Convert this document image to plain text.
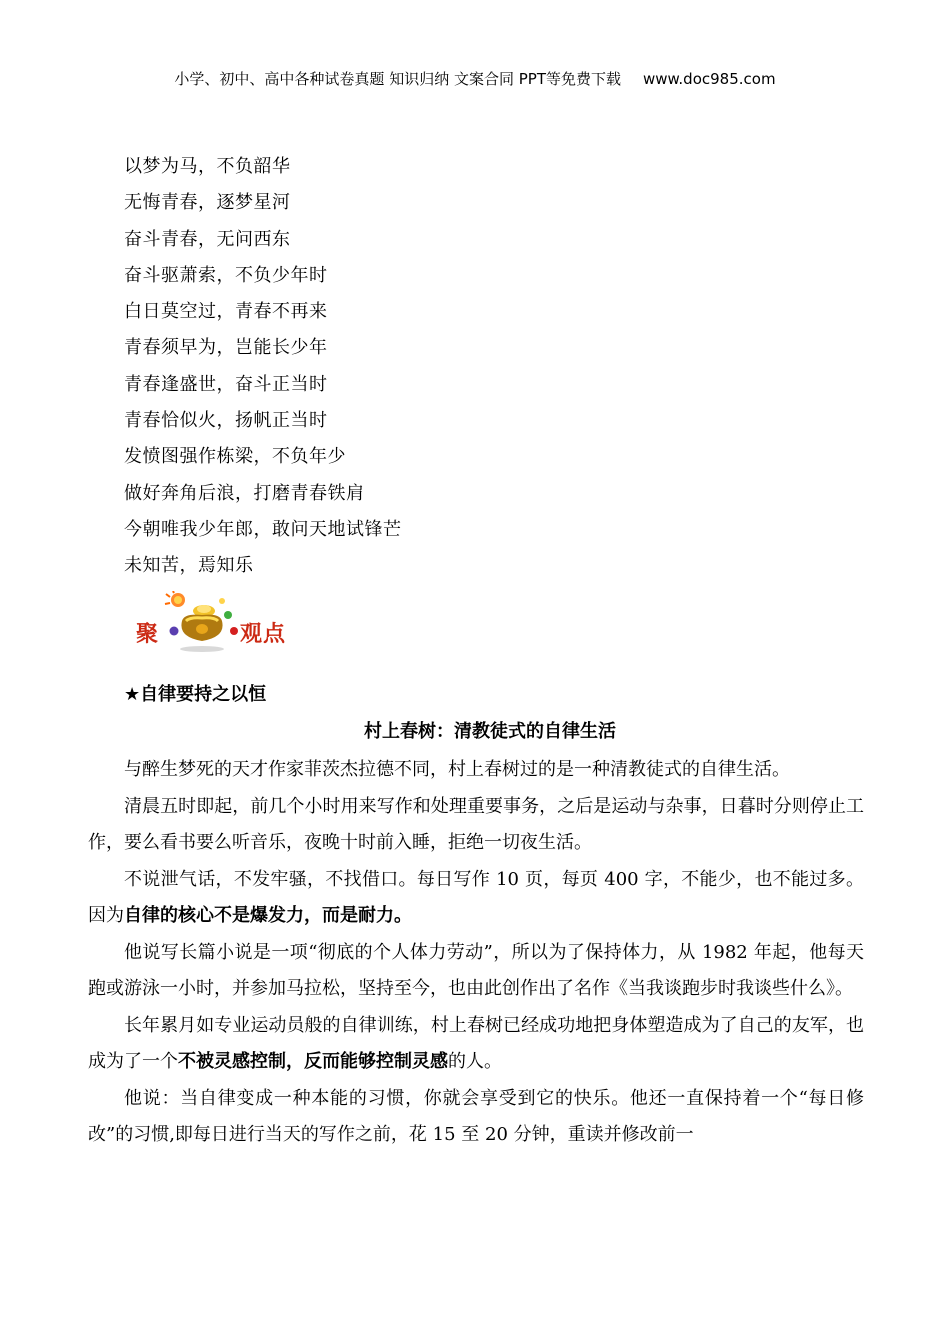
小学、初中、高中各种试卷真题 知识归纳 文案合同 PPT等免费下载 www.doc985.com
以梦为马，不负韶华
无悔青春，逐梦星河
奋斗青春，无问西东
奋斗驱萧索，不负少年时
白日莫空过，青春不再来
青春须早为，岂能长少年
青春逢盛世，奋斗正当时
青春恰似火，扬帆正当时
发愤图强作栋梁，不负年少
做好奔角后浪，打磨青春铁肩
今朝唯我少年郎，敢问天地试锋芒
未知苦，焉知乐
聚	观点
★自律要持之以恒
村上春树：清教徒式的自律生活

与醉生梦死的天才作家菲茨杰拉德不同，村上春树过的是一种清教徒式的自律生活。

清晨五时即起，前几个小时用来写作和处理重要事务，之后是运动与杂事，日暮时分则停止工作，要么看书要么听音乐，夜晚十时前入睡，拒绝一切夜生活。

不说泄气话，不发牢骚，不找借口。每日写作 10 页，每页 400 字，不能少，也不能过多。因为自律的核心不是爆发力，而是耐力。

他说写长篇小说是一项“彻底的个人体力劳动”，所以为了保持体力，从 1982 年起，他每天跑或游泳一小时，并参加马拉松，坚持至今，也由此创作出了名作《当我谈跑步时我谈些什么》。

长年累月如专业运动员般的自律训练，村上春树已经成功地把身体塑造成为了自己的友军，也成为了一个不被灵感控制，反而能够控制灵感的人。

他说：当自律变成一种本能的习惯，你就会享受到它的快乐。他还一直保持着一个“每日修改”的习惯,即每日进行当天的写作之前，花 15 至 20 分钟，重读并修改前一
